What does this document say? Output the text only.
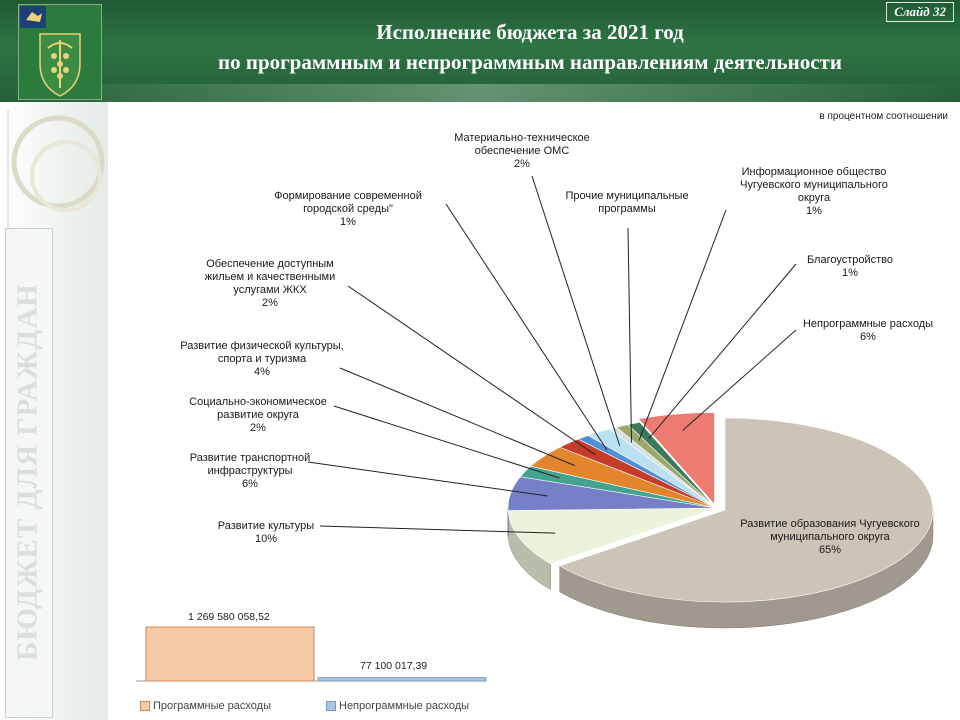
Исполнение бюджета за 2021 год
по программным и непрограммным направлениям деятельности
Слайд 32
БЮДЖЕТ ДЛЯ ГРАЖДАН
в процентном соотношении
Развитие образования Чугуевского муниципального округа
65%
Развитие культуры
10%
Развитие транспортной инфраструктуры
6%
Социально-экономическое развитие округа
2%
Развитие физической культуры, спорта и туризма
4%
Обеспечение доступным жильем и качественными услугами ЖКХ
2%
Формирование современной городской среды"
1%
Материально-техническое обеспечение ОМС
2%
Прочие муниципальные программы
Информационное общество Чугуевского муниципального округа
1%
Благоустройство
1%
Непрограммные расходы
6%
1 269 580 058,52
77 100 017,39
Программные расходы	Непрограммные расходы
